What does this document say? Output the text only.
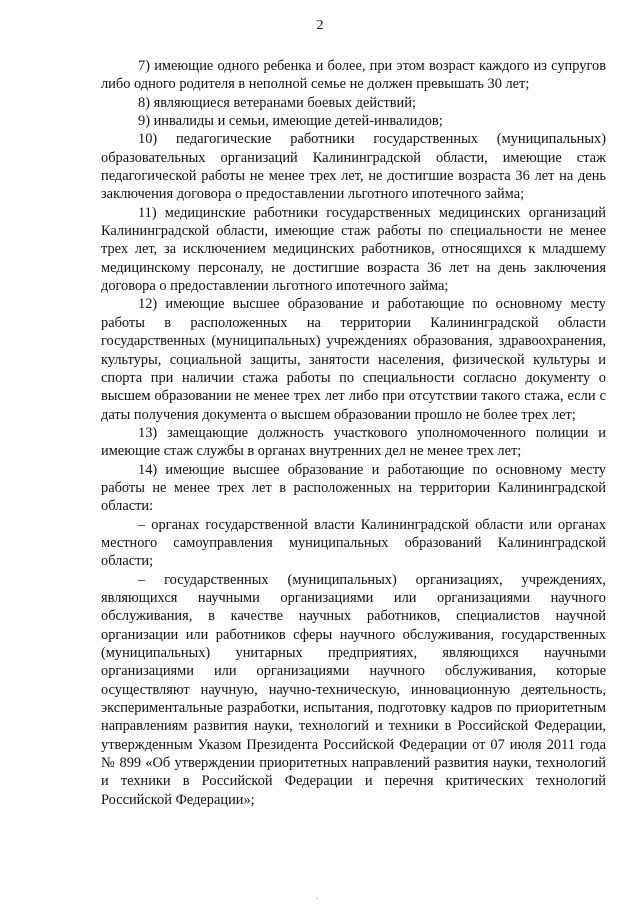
2

7) имеющие одного ребенка и более, при этом возраст каждого из супругов либо одного родителя в неполной семье не должен превышать 30 лет;

8) являющиеся ветеранами боевых действий;

9) инвалиды и семьи, имеющие детей-инвалидов;

10) педагогические работники государственных (муниципальных) образовательных организаций Калининградской области, имеющие стаж педагогической работы не менее трех лет, не достигшие возраста 36 лет на день заключения договора о предоставлении льготного ипотечного займа;

11) медицинские работники государственных медицинских организаций Калининградской области, имеющие стаж работы по специальности не менее трех лет, за исключением медицинских работников, относящихся к младшему медицинскому персоналу, не достигшие возраста 36 лет на день заключения договора о предоставлении льготного ипотечного займа;

12) имеющие высшее образование и работающие по основному месту работы в расположенных на территории Калининградской области государственных (муниципальных) учреждениях образования, здравоохранения, культуры, социальной защиты, занятости населения, физической культуры и спорта при наличии стажа работы по специальности согласно документу о высшем образовании не менее трех лет либо при отсутствии такого стажа, если с даты получения документа о высшем образовании прошло не более трех лет;

13) замещающие должность участкового уполномоченного полиции и имеющие стаж службы в органах внутренних дел не менее трех лет;

14) имеющие высшее образование и работающие по основному месту работы не менее трех лет в расположенных на территории Калининградской области:

– органах государственной власти Калининградской области или органах местного самоуправления муниципальных образований Калининградской области;

– государственных (муниципальных) организациях, учреждениях, являющихся научными организациями или организациями научного обслуживания, в качестве научных работников, специалистов научной организации или работников сферы научного обслуживания, государственных (муниципальных) унитарных предприятиях, являющихся научными организациями или организациями научного обслуживания, которые осуществляют научную, научно-техническую, инновационную деятельность, экспериментальные разработки, испытания, подготовку кадров по приоритетным направлениям развития науки, технологий и техники в Российской Федерации, утвержденным Указом Президента Российской Федерации от 07 июля 2011 года № 899 «Об утверждении приоритетных направлений развития науки, технологий и техники в Российской Федерации и перечня критических технологий Российской Федерации»;

.
